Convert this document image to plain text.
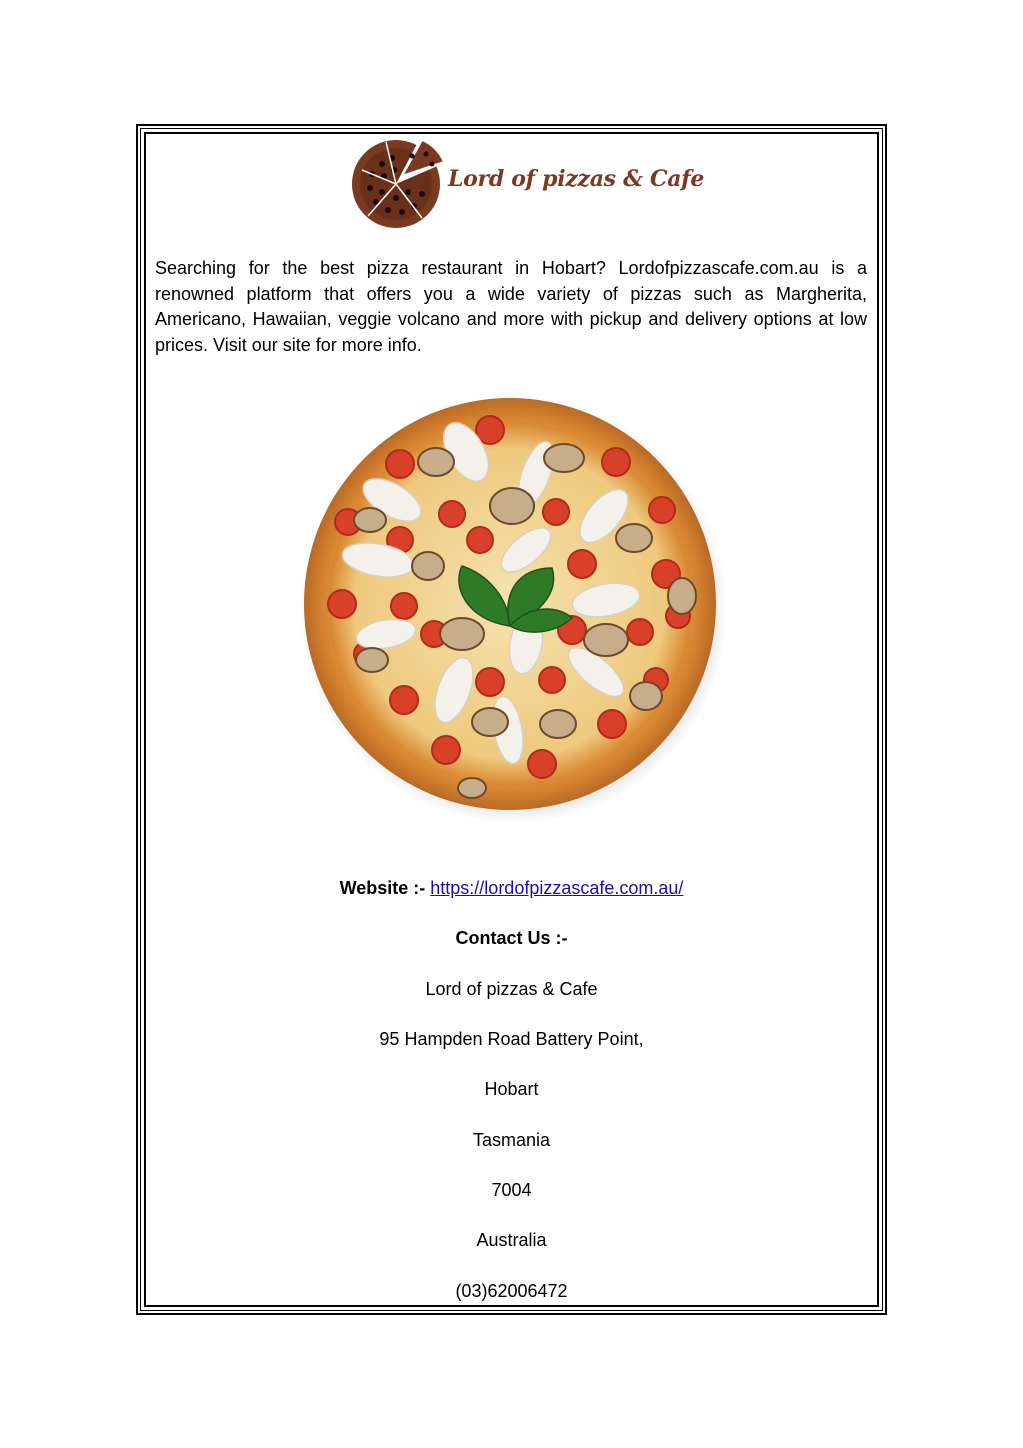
Lord of pizzas & Cafe

Searching for the best pizza restaurant in Hobart? Lordofpizzascafe.com.au is a renowned platform that offers you a wide variety of pizzas such as Margherita, Americano, Hawaiian, veggie volcano and more with pickup and delivery options at low prices. Visit our site for more info.

Website :- https://lordofpizzascafe.com.au/
Contact Us :-
Lord of pizzas & Cafe
95 Hampden Road Battery Point,
Hobart
Tasmania
7004
Australia
(03)62006472
